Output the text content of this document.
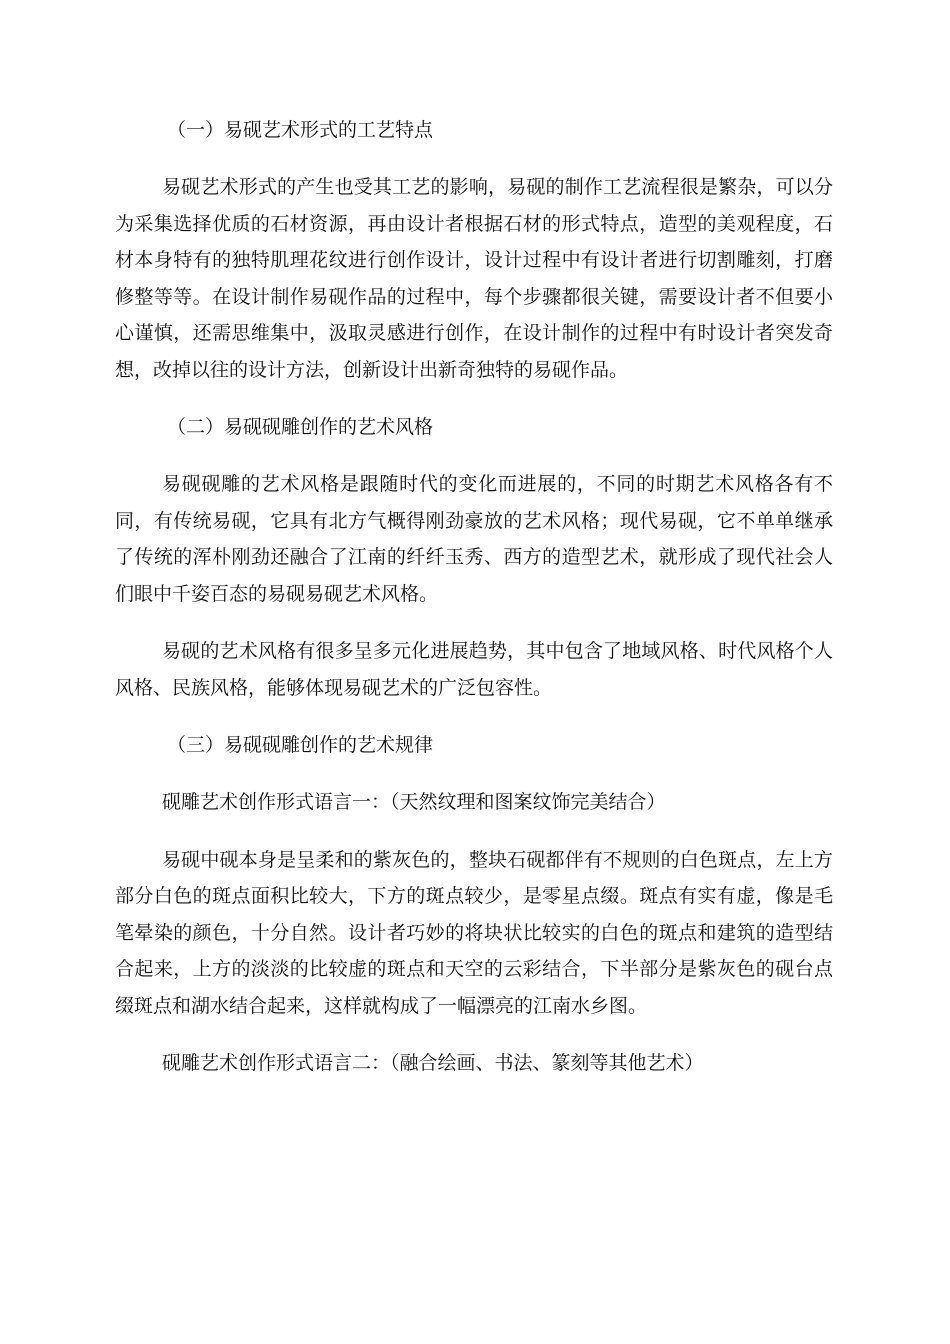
（一）易砚艺术形式的工艺特点

易砚艺术形式的产生也受其工艺的影响，易砚的制作工艺流程很是繁杂，可以分为采集选择优质的石材资源，再由设计者根据石材的形式特点，造型的美观程度，石材本身特有的独特肌理花纹进行创作设计，设计过程中有设计者进行切割雕刻，打磨修整等等。在设计制作易砚作品的过程中，每个步骤都很关键，需要设计者不但要小心谨慎，还需思维集中，汲取灵感进行创作，在设计制作的过程中有时设计者突发奇想，改掉以往的设计方法，创新设计出新奇独特的易砚作品。

（二）易砚砚雕创作的艺术风格

易砚砚雕的艺术风格是跟随时代的变化而进展的，不同的时期艺术风格各有不同，有传统易砚，它具有北方气概得刚劲豪放的艺术风格；现代易砚，它不单单继承了传统的浑朴刚劲还融合了江南的纤纤玉秀、西方的造型艺术，就形成了现代社会人们眼中千姿百态的易砚易砚艺术风格。

易砚的艺术风格有很多呈多元化进展趋势，其中包含了地域风格、时代风格个人风格、民族风格，能够体现易砚艺术的广泛包容性。

（三）易砚砚雕创作的艺术规律

砚雕艺术创作形式语言一：（天然纹理和图案纹饰完美结合）

易砚中砚本身是呈柔和的紫灰色的，整块石砚都伴有不规则的白色斑点，左上方部分白色的斑点面积比较大，下方的斑点较少，是零星点缀。斑点有实有虚，像是毛笔晕染的颜色，十分自然。设计者巧妙的将块状比较实的白色的斑点和建筑的造型结合起来，上方的淡淡的比较虚的斑点和天空的云彩结合，下半部分是紫灰色的砚台点缀斑点和湖水结合起来，这样就构成了一幅漂亮的江南水乡图。

砚雕艺术创作形式语言二：（融合绘画、书法、篆刻等其他艺术）
